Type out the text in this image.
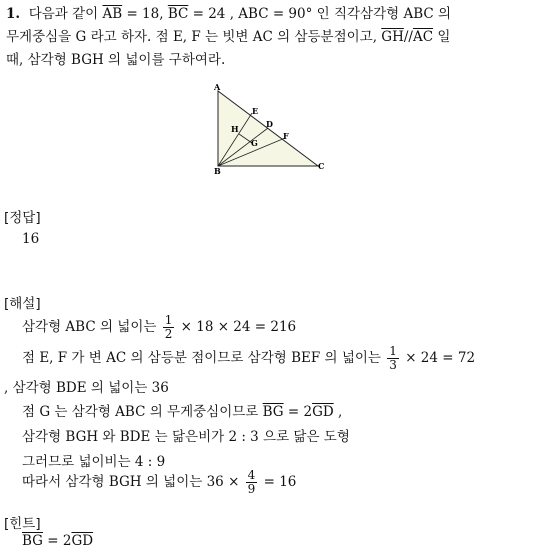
1. 다음과 같이 $\overline{AB} = 18$, $\overline{BC} = 24$ , ABC = 90° 인 직각삼각형 ABC 의
무게중심을 G 라고 하자. 점 E, F 는 빗변 AC 의 삼등분점이고, $\overline{GH}//\overline{AC}$ 일
때, 삼각형 BGH 의 넓이를 구하여라.
A
E
D
H
G
F
B	C
[정답]
16
[해설]
삼각형 ABC 의 넓이는 $\frac{1}{2} \times 18 \times 24 = 216$
점 E, F 가 변 AC 의 삼등분 점이므로 삼각형 BEF 의 넓이는 $\frac{1}{3} \times 24 = 72$
, 삼각형 BDE 의 넓이는 36
점 G 는 삼각형 ABC 의 무게중심이므로 $\overline{BG} = 2\overline{GD}$ ,
삼각형 BGH 와 BDE 는 닮은비가 2 : 3 으로 닮은 도형
그러므로 넓이비는 4 : 9
따라서 삼각형 BGH 의 넓이는 $36 \times \frac{4}{9} = 16$
[힌트]
$\overline{BG} = 2\overline{GD}$
